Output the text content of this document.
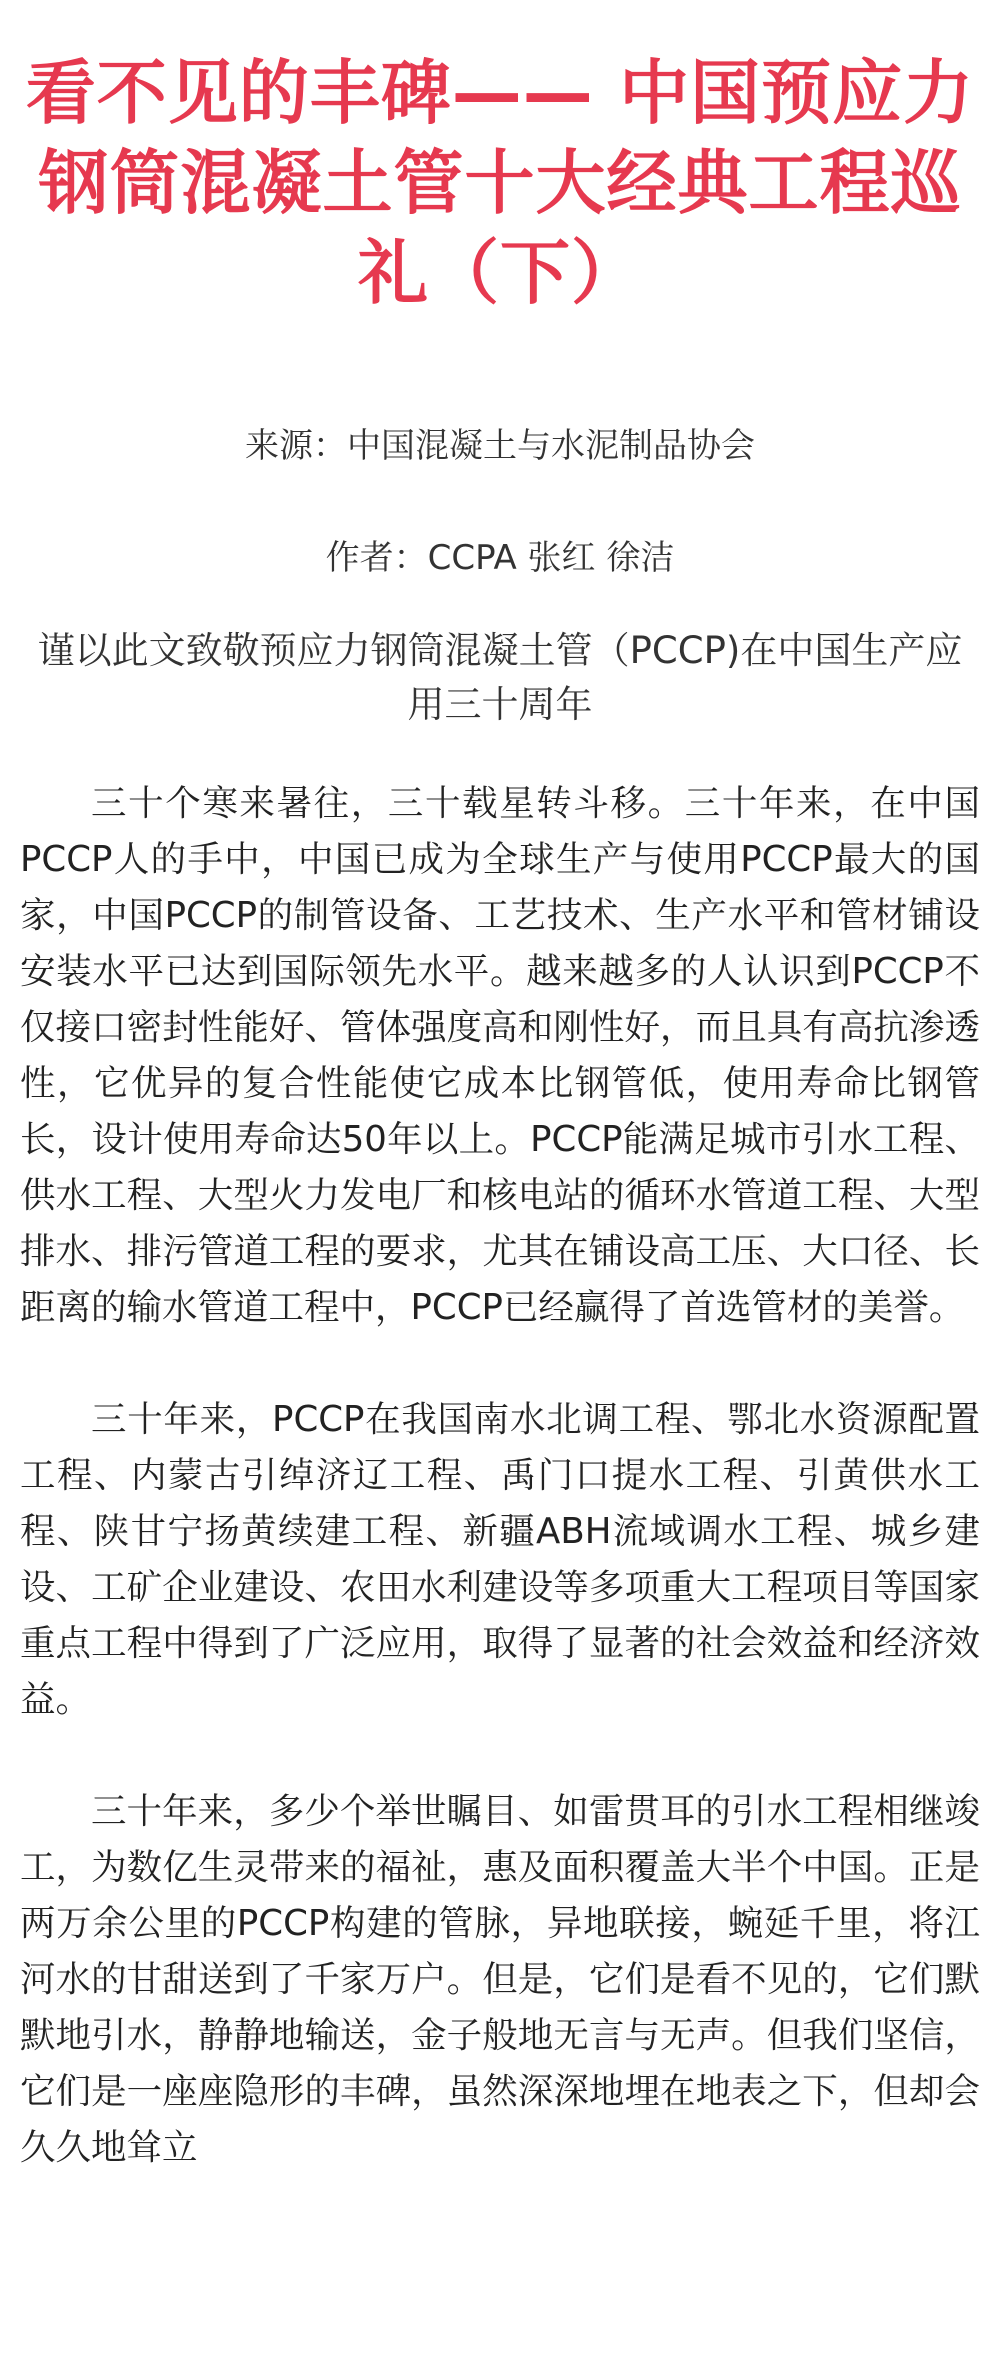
看不见的丰碑—— 中国预应力钢筒混凝土管十大经典工程巡礼（下）

来源：中国混凝土与水泥制品协会

作者：CCPA 张红 徐洁

谨以此文致敬预应力钢筒混凝土管（PCCP)在中国生产应用三十周年

三十个寒来暑往，三十载星转斗移。三十年来，在中国PCCP人的手中，中国已成为全球生产与使用PCCP最大的国家，中国PCCP的制管设备、工艺技术、生产水平和管材铺设安装水平已达到国际领先水平。越来越多的人认识到PCCP不仅接口密封性能好、管体强度高和刚性好，而且具有高抗渗透性，它优异的复合性能使它成本比钢管低，使用寿命比钢管长，设计使用寿命达50年以上。PCCP能满足城市引水工程、供水工程、大型火力发电厂和核电站的循环水管道工程、大型排水、排污管道工程的要求，尤其在铺设高工压、大口径、长距离的输水管道工程中，PCCP已经赢得了首选管材的美誉。

三十年来，PCCP在我国南水北调工程、鄂北水资源配置工程、内蒙古引绰济辽工程、禹门口提水工程、引黄供水工程、陕甘宁扬黄续建工程、新疆ABH流域调水工程、城乡建设、工矿企业建设、农田水利建设等多项重大工程项目等国家重点工程中得到了广泛应用，取得了显著的社会效益和经济效益。

三十年来，多少个举世瞩目、如雷贯耳的引水工程相继竣工，为数亿生灵带来的福祉，惠及面积覆盖大半个中国。正是两万余公里的PCCP构建的管脉，异地联接，蜿延千里，将江河水的甘甜送到了千家万户。但是，它们是看不见的，它们默默地引水，静静地输送，金子般地无言与无声。但我们坚信，它们是一座座隐形的丰碑，虽然深深地埋在地表之下，但却会久久地耸立
